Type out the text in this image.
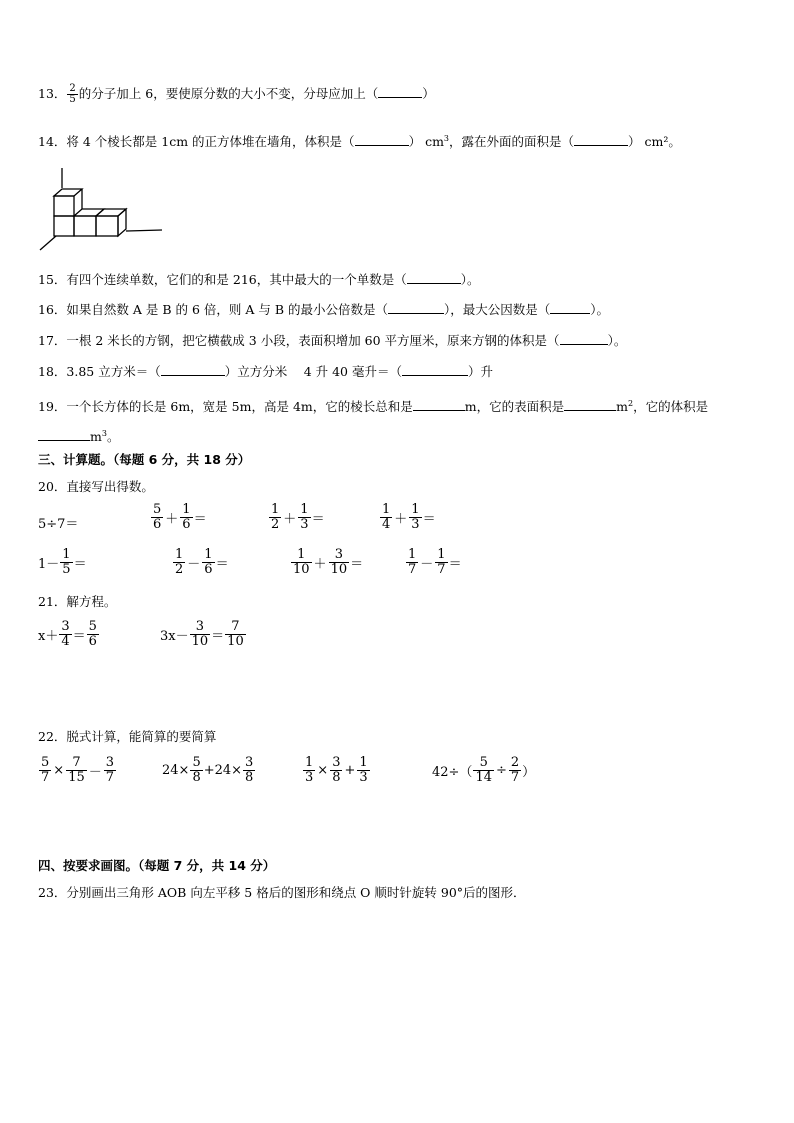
13． $\frac{2}{5}$ 的分子加上 6，要使原分数的大小不变，分母应加上（	）
14．将 4 个棱长都是 1cm 的正方体堆在墙角，体积是（	） $cm^3$，露在外面的面积是（	） cm²。
15．有四个连续单数，它们的和是 216，其中最大的一个单数是（	）。
16．如果自然数 A 是 B 的 6 倍，则 A 与 B 的最小公倍数是（	），最大公因数是（	）。
17．一根 2 米长的方钢，把它横截成 3 小段，表面积增加 60 平方厘米，原来方钢的体积是（	）。
18．3.85 立方米＝（	）立方分米　 4 升 40 毫升＝（	）升
19．一个长方体的长是 6m，宽是 5m，高是 4m，它的棱长总和是	m，它的表面积是	$m^2$，它的体积是
$m^3$。
三、计算题。（每题 6 分，共 18 分）
20．直接写出得数。
5÷7＝	$\frac{5}{6} + \frac{1}{6}$ ＝	$\frac{1}{2} + \frac{1}{3}$ ＝	$\frac{1}{4} + \frac{1}{3}$ ＝
$1- \frac{1}{5}$ ＝	$\frac{1}{2} - \frac{1}{6}$ ＝	$\frac{1}{10} + \frac{3}{10}$ ＝	$\frac{1}{7} - \frac{1}{7}$ ＝
21．解方程。
$x+ \frac{3}{4} = \frac{5}{6}$	$3x- \frac{3}{10} = \frac{7}{10}$
22．脱式计算，能简算的要简算
$\frac{5}{7} \times \frac{7}{15} - \frac{3}{7}$	$24\times \frac{5}{8} +24\times \frac{3}{8}$	$\frac{1}{3} \times \frac{3}{8} + \frac{1}{3}$	$42\div( \frac{5}{14} \div \frac{2}{7}$ ）
四、按要求画图。（每题 7 分，共 14 分）
23．分别画出三角形 AOB 向左平移 5 格后的图形和绕点 O 顺时针旋转 90°后的图形．
